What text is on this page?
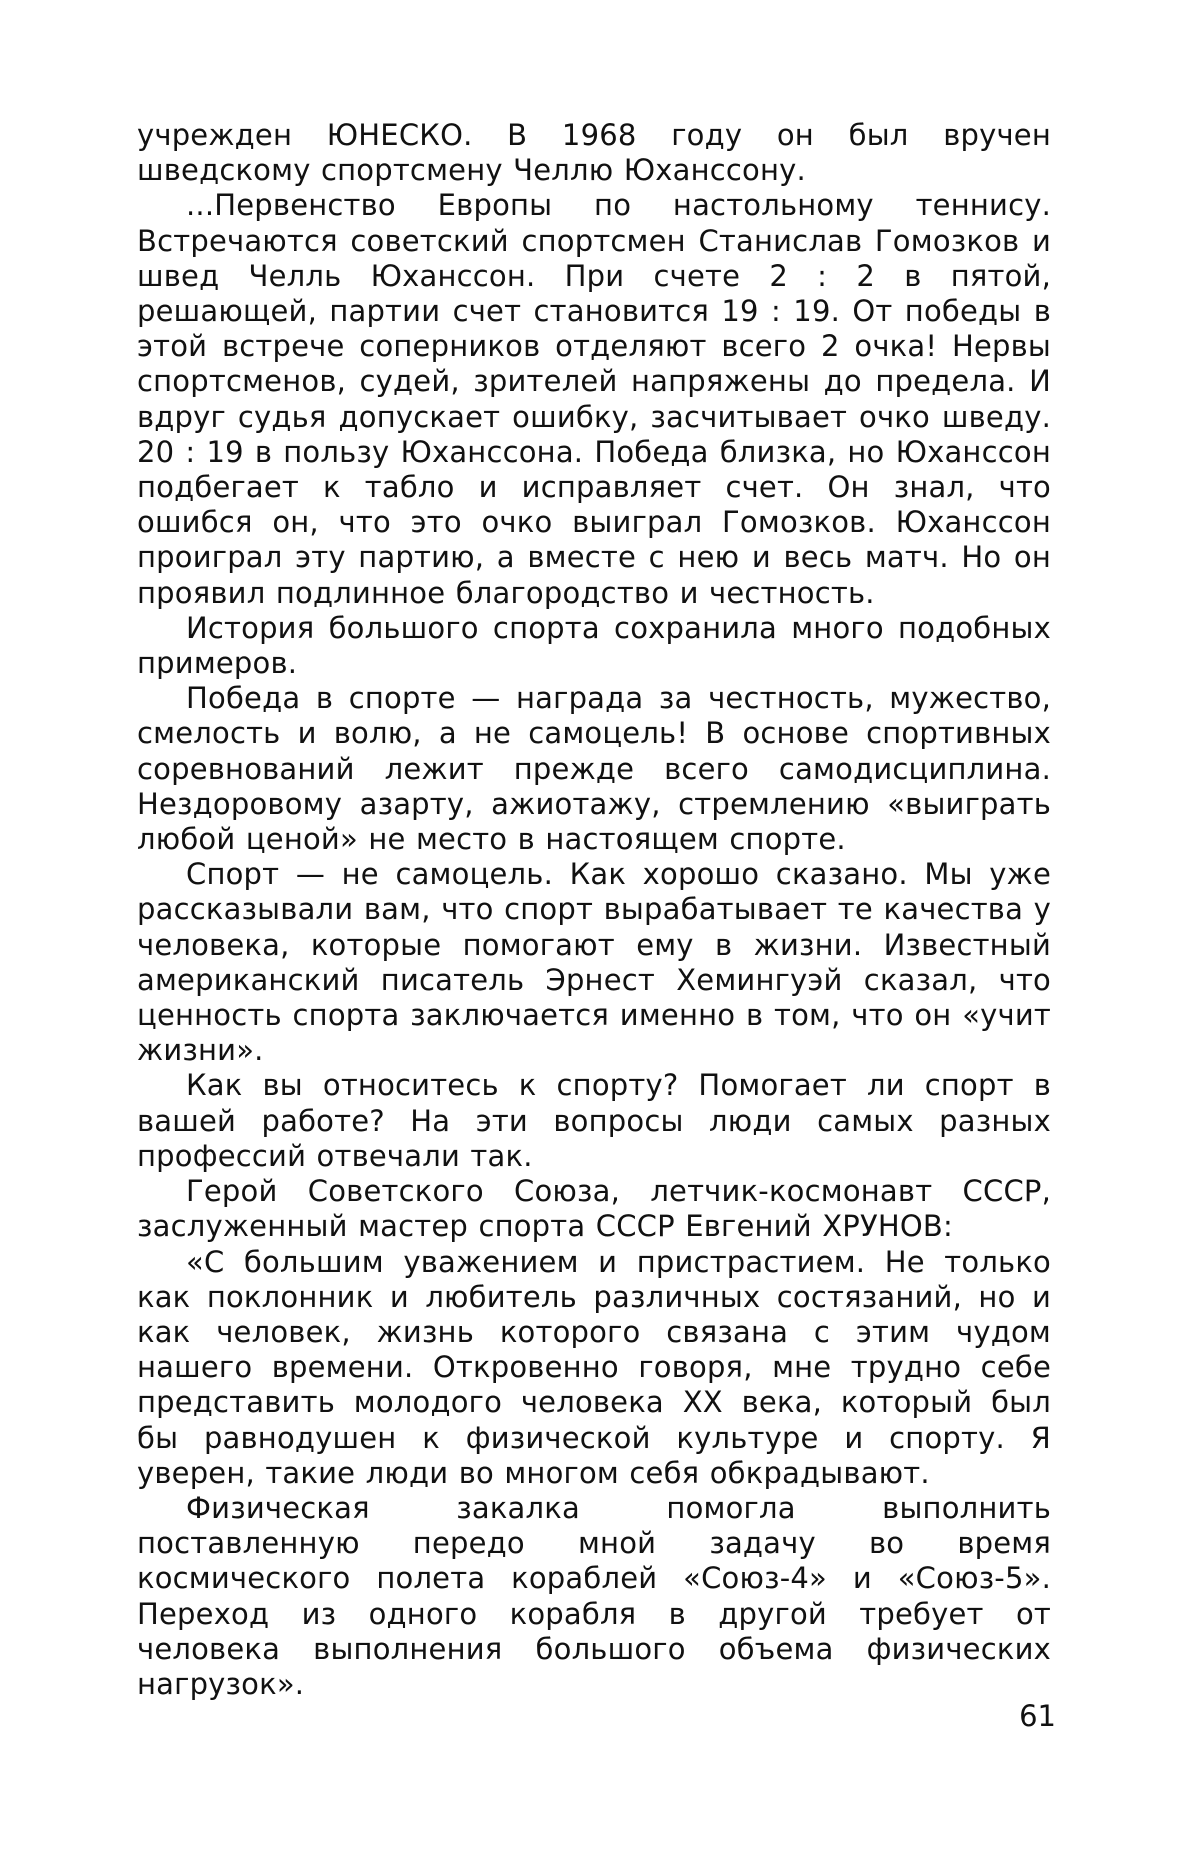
учрежден ЮНЕСКО. В 1968 году он был вручен шведскому спортсмену Челлю Юханссону.

...Первенство Европы по настольному теннису. Встречаются советский спортсмен Станислав Гомозков и швед Челль Юханссон. При счете 2 : 2 в пятой, решающей, партии счет становится 19 : 19. От победы в этой встрече соперников отделяют всего 2 очка! Нервы спортсменов, судей, зрителей напряжены до предела. И вдруг судья допускает ошибку, засчитывает очко шведу. 20 : 19 в пользу Юханссона. Победа близка, но Юханссон подбегает к табло и исправляет счет. Он знал, что ошибся он, что это очко выиграл Гомозков. Юханссон проиграл эту партию, а вместе с нею и весь матч. Но он проявил подлинное благородство и честность.

История большого спорта сохранила много подобных примеров.

Победа в спорте — награда за честность, мужество, смелость и волю, а не самоцель! В основе спортивных соревнований лежит прежде всего самодисциплина. Нездоровому азарту, ажиотажу, стремлению «выиграть любой ценой» не место в настоящем спорте.

Спорт — не самоцель. Как хорошо сказано. Мы уже рассказывали вам, что спорт вырабатывает те качества у человека, которые помогают ему в жизни. Известный американский писатель Эрнест Хемингуэй сказал, что ценность спорта заключается именно в том, что он «учит жизни».

Как вы относитесь к спорту? Помогает ли спорт в вашей работе? На эти вопросы люди самых разных профессий отвечали так.

Герой Советского Союза, летчик-космонавт СССР, заслуженный мастер спорта СССР Евгений ХРУНОВ:

«С большим уважением и пристрастием. Не только как поклонник и любитель различных состязаний, но и как человек, жизнь которого связана с этим чудом нашего времени. Откровенно говоря, мне трудно себе представить молодого человека XX века, который был бы равнодушен к физической культуре и спорту. Я уверен, такие люди во многом себя обкрадывают.

Физическая закалка помогла выполнить поставленную передо мной задачу во время космического полета кораблей «Союз-4» и «Союз-5». Переход из одного корабля в другой требует от человека выполнения большого объема физических нагрузок».

61
